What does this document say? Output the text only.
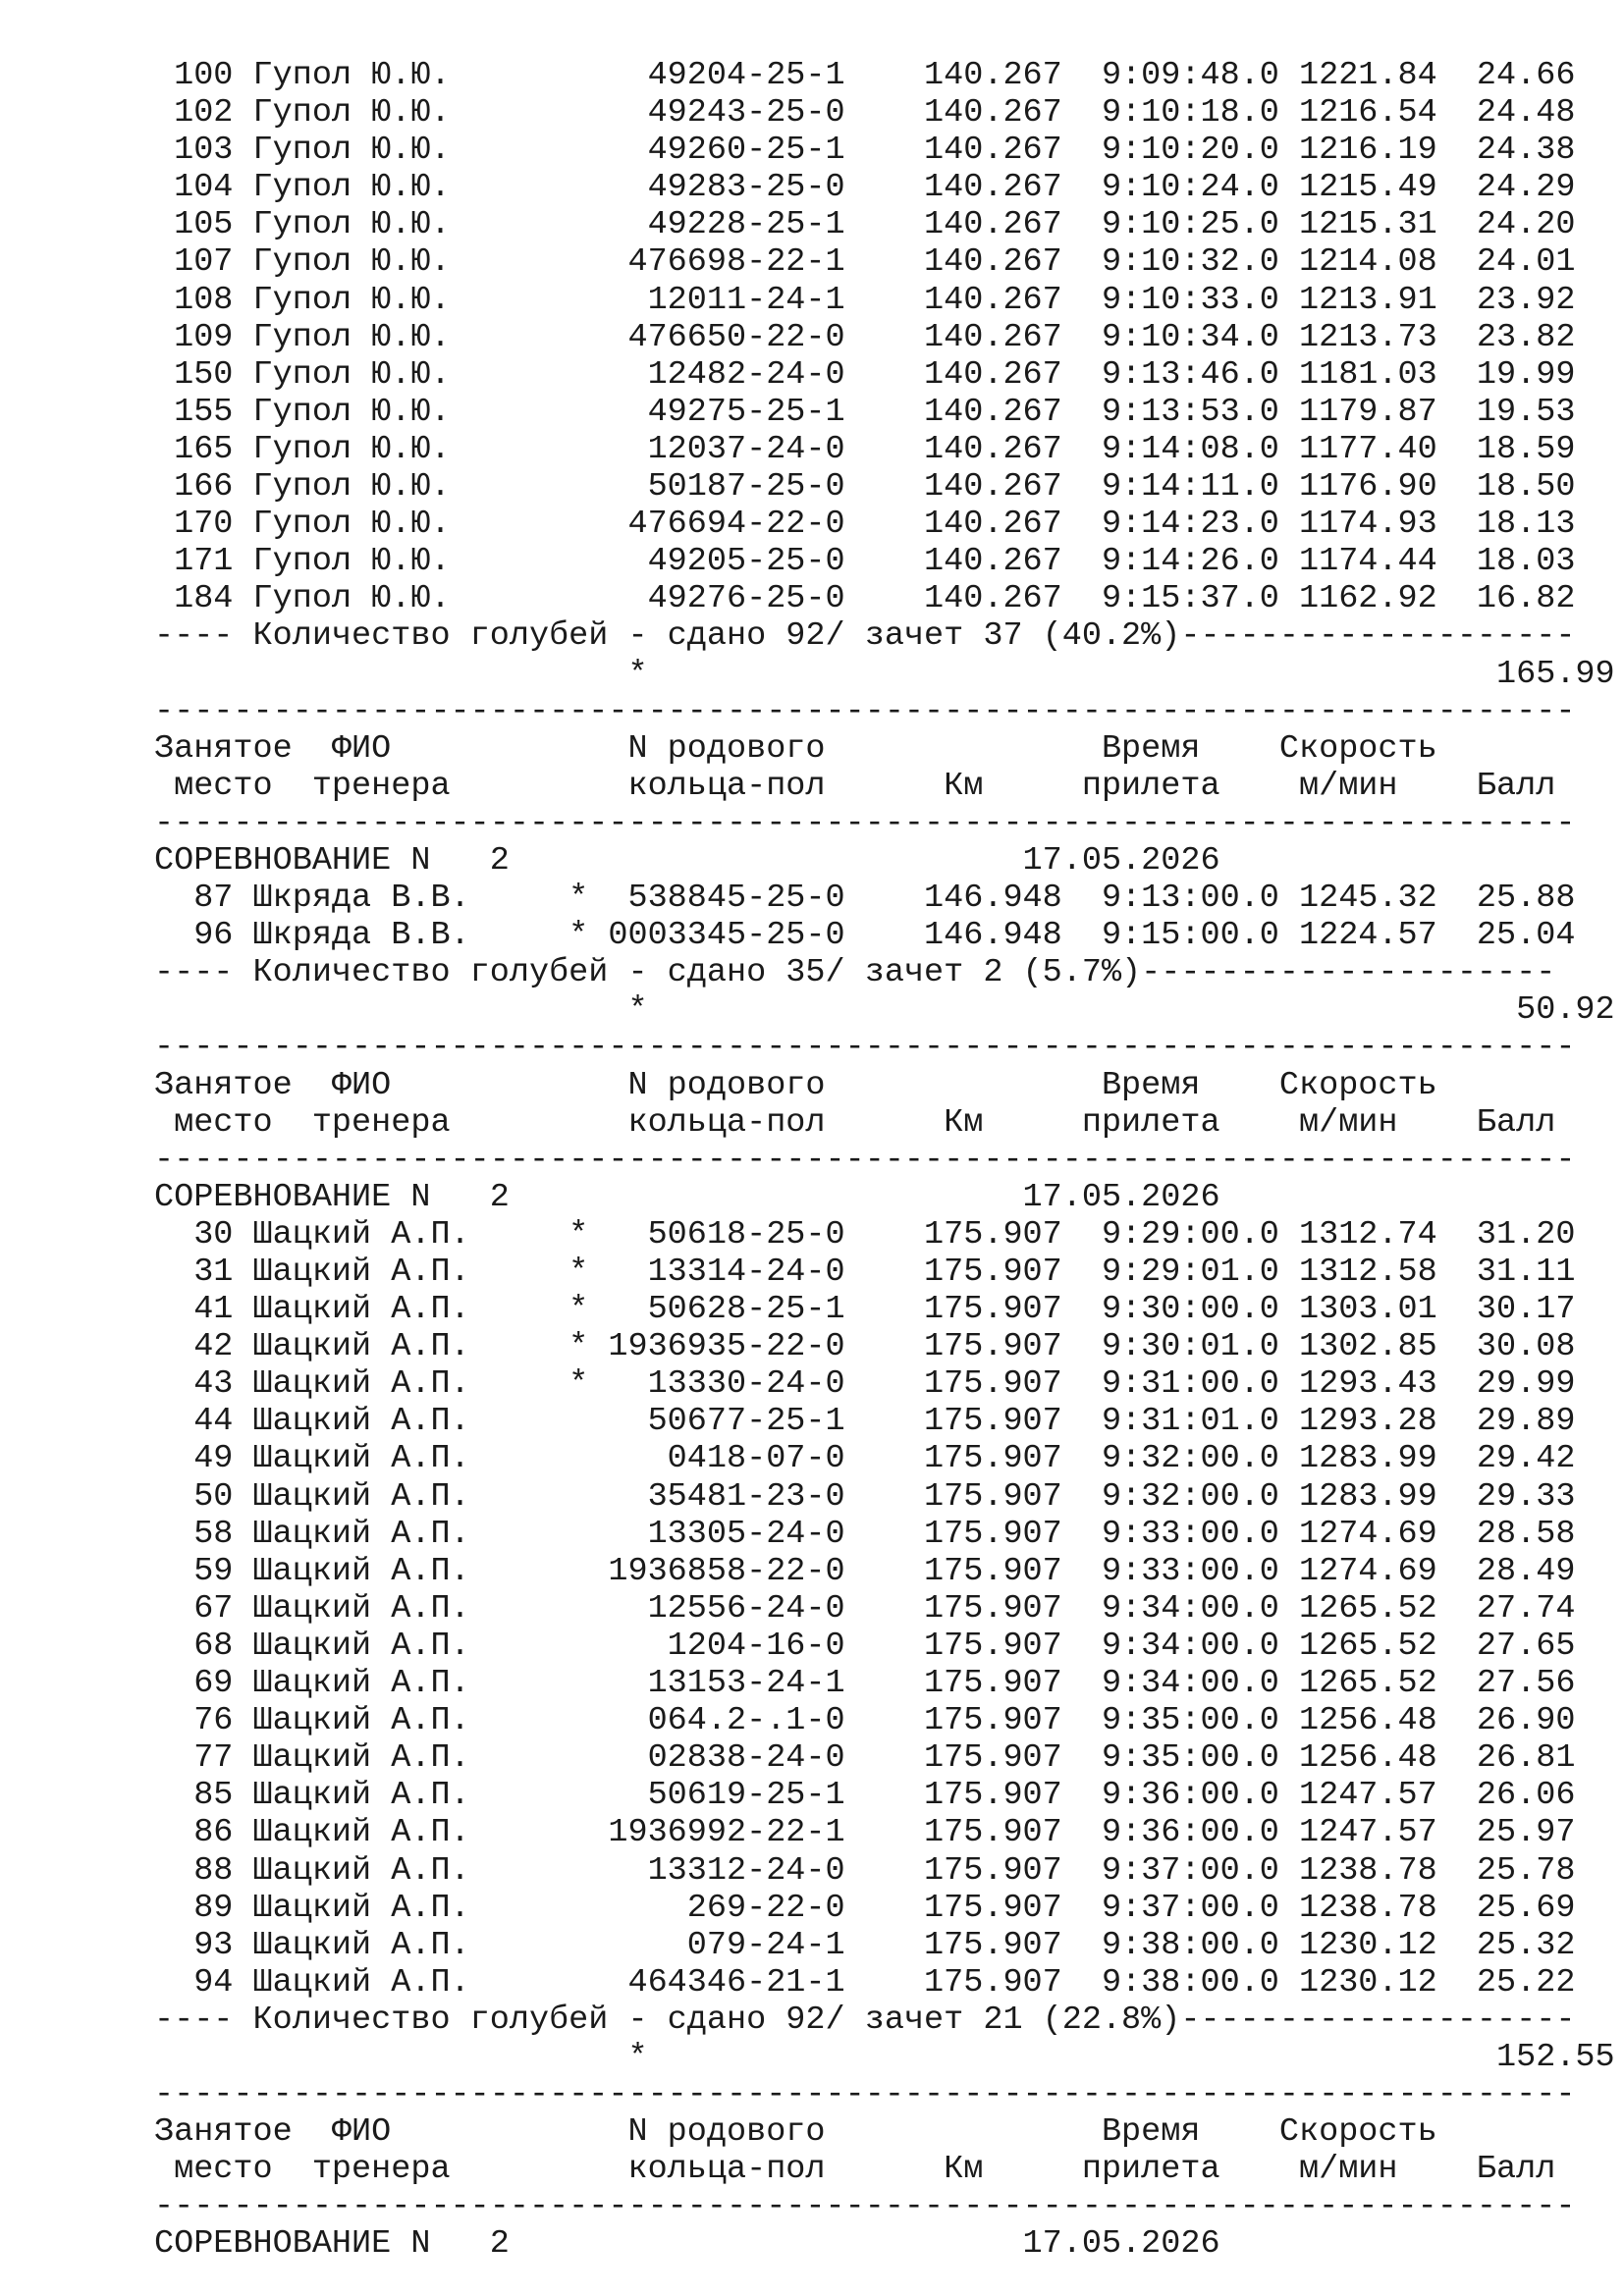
100 Гупол Ю.Ю.          49204-25-1    140.267  9:09:48.0 1221.84  24.66
102 Гупол Ю.Ю.          49243-25-0    140.267  9:10:18.0 1216.54  24.48
103 Гупол Ю.Ю.          49260-25-1    140.267  9:10:20.0 1216.19  24.38
104 Гупол Ю.Ю.          49283-25-0    140.267  9:10:24.0 1215.49  24.29
105 Гупол Ю.Ю.          49228-25-1    140.267  9:10:25.0 1215.31  24.20
107 Гупол Ю.Ю.         476698-22-1    140.267  9:10:32.0 1214.08  24.01
108 Гупол Ю.Ю.          12011-24-1    140.267  9:10:33.0 1213.91  23.92
109 Гупол Ю.Ю.         476650-22-0    140.267  9:10:34.0 1213.73  23.82
150 Гупол Ю.Ю.          12482-24-0    140.267  9:13:46.0 1181.03  19.99
155 Гупол Ю.Ю.          49275-25-1    140.267  9:13:53.0 1179.87  19.53
165 Гупол Ю.Ю.          12037-24-0    140.267  9:14:08.0 1177.40  18.59
166 Гупол Ю.Ю.          50187-25-0    140.267  9:14:11.0 1176.90  18.50
170 Гупол Ю.Ю.         476694-22-0    140.267  9:14:23.0 1174.93  18.13
171 Гупол Ю.Ю.          49205-25-0    140.267  9:14:26.0 1174.44  18.03
184 Гупол Ю.Ю.          49276-25-0    140.267  9:15:37.0 1162.92  16.82
---- Количество голубей - сдано 92/ зачет 37 (40.2%)--------------------
*                                           165.99
------------------------------------------------------------------------
Занятое  ФИО            N родового              Время    Скорость
место  тренера         кольца-пол      Км     прилета    м/мин    Балл
------------------------------------------------------------------------
СОРЕВНОВАНИЕ N   2                          17.05.2026
87 Шкряда В.В.     *  538845-25-0    146.948  9:13:00.0 1245.32  25.88
96 Шкряда В.В.     * 0003345-25-0    146.948  9:15:00.0 1224.57  25.04
---- Количество голубей - сдано 35/ зачет 2 (5.7%)---------------------
*                                            50.92
------------------------------------------------------------------------
Занятое  ФИО            N родового              Время    Скорость
место  тренера         кольца-пол      Км     прилета    м/мин    Балл
------------------------------------------------------------------------
СОРЕВНОВАНИЕ N   2                          17.05.2026
30 Шацкий А.П.     *   50618-25-0    175.907  9:29:00.0 1312.74  31.20
31 Шацкий А.П.     *   13314-24-0    175.907  9:29:01.0 1312.58  31.11
41 Шацкий А.П.     *   50628-25-1    175.907  9:30:00.0 1303.01  30.17
42 Шацкий А.П.     * 1936935-22-0    175.907  9:30:01.0 1302.85  30.08
43 Шацкий А.П.     *   13330-24-0    175.907  9:31:00.0 1293.43  29.99
44 Шацкий А.П.         50677-25-1    175.907  9:31:01.0 1293.28  29.89
49 Шацкий А.П.          0418-07-0    175.907  9:32:00.0 1283.99  29.42
50 Шацкий А.П.         35481-23-0    175.907  9:32:00.0 1283.99  29.33
58 Шацкий А.П.         13305-24-0    175.907  9:33:00.0 1274.69  28.58
59 Шацкий А.П.       1936858-22-0    175.907  9:33:00.0 1274.69  28.49
67 Шацкий А.П.         12556-24-0    175.907  9:34:00.0 1265.52  27.74
68 Шацкий А.П.          1204-16-0    175.907  9:34:00.0 1265.52  27.65
69 Шацкий А.П.         13153-24-1    175.907  9:34:00.0 1265.52  27.56
76 Шацкий А.П.         064.2-.1-0    175.907  9:35:00.0 1256.48  26.90
77 Шацкий А.П.         02838-24-0    175.907  9:35:00.0 1256.48  26.81
85 Шацкий А.П.         50619-25-1    175.907  9:36:00.0 1247.57  26.06
86 Шацкий А.П.       1936992-22-1    175.907  9:36:00.0 1247.57  25.97
88 Шацкий А.П.         13312-24-0    175.907  9:37:00.0 1238.78  25.78
89 Шацкий А.П.           269-22-0    175.907  9:37:00.0 1238.78  25.69
93 Шацкий А.П.           079-24-1    175.907  9:38:00.0 1230.12  25.32
94 Шацкий А.П.        464346-21-1    175.907  9:38:00.0 1230.12  25.22
---- Количество голубей - сдано 92/ зачет 21 (22.8%)--------------------
*                                           152.55
------------------------------------------------------------------------
Занятое  ФИО            N родового              Время    Скорость
место  тренера         кольца-пол      Км     прилета    м/мин    Балл
------------------------------------------------------------------------
СОРЕВНОВАНИЕ N   2                          17.05.2026
